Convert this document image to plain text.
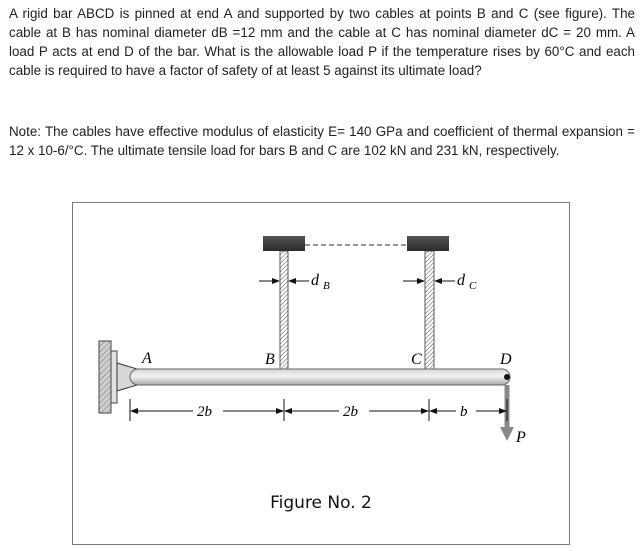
A rigid bar ABCD is pinned at end A and supported by two cables at points B and C (see figure). The cable at B has nominal diameter dB =12 mm and the cable at C has nominal diameter dC = 20 mm. A load P acts at end D of the bar. What is the allowable load P if the temperature rises by 60°C and each cable is required to have a factor of safety of at least 5 against its ultimate load?

Note: The cables have effective modulus of elasticity E= 140 GPa and coefficient of thermal expansion = 12 x 10-6/°C. The ultimate tensile load for bars B and C are 102 kN and 231 kN, respectively.

d $_B$	d $_C$
A	B	C	D
P
2b	2b	b
Figure No. 2
